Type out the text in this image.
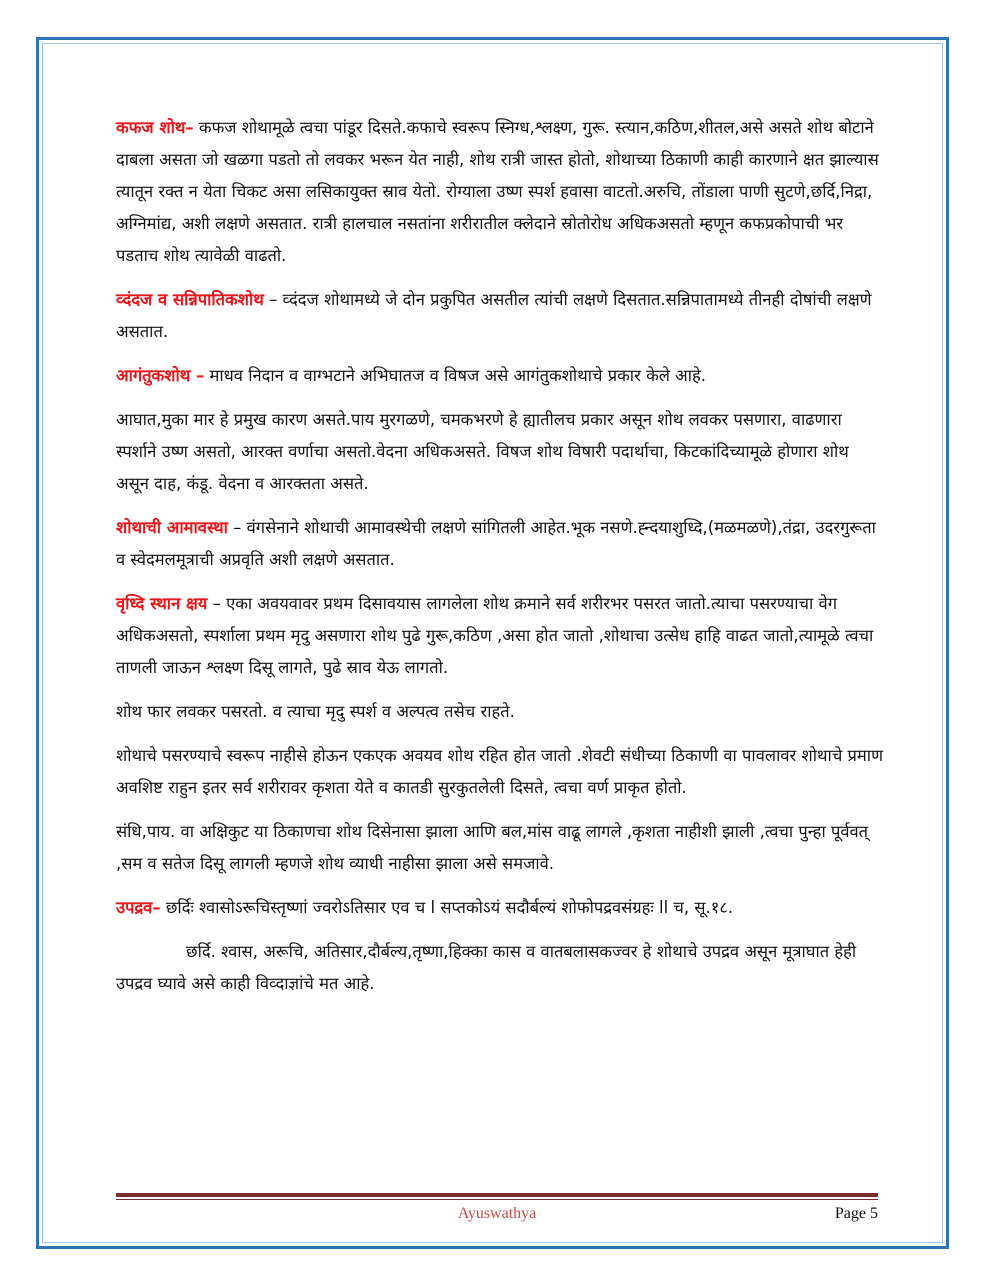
कफज शोथ– कफज शोथामूळे त्वचा पांडूर दिसते.कफाचे स्वरूप स्निग्ध,श्लक्ष्ण, गुरू. स्त्यान,कठिण,शीतल,असे असते शोथ बोटाने दाबला असता जो खळगा पडतो तो लवकर भरून येत नाही, शोथ रात्री जास्त होतो, शोथाच्या ठिकाणी काही कारणाने क्षत झाल्यास त्यातून रक्त न येता चिकट असा लसिकायुक्त स्राव येतो. रोग्याला उष्ण स्पर्श हवासा वाटतो.अरुचि, तोंडाला पाणी सुटणे,छर्दि,निद्रा, अग्निमांद्य, अशी लक्षणे असतात. रात्री हालचाल नसतांना शरीरातील क्लेदाने स्रोतोरोध अधिकअसतो म्हणून कफप्रकोपाची भर पडताच शोथ त्यावेळी वाढतो.

व्दंदज व सन्निपातिकशोथ – व्दंदज शोथामध्ये जे दोन प्रकुपित असतील त्यांची लक्षणे दिसतात.सन्निपातामध्ये तीनही दोषांची लक्षणे असतात.

आगंतुकशोथ – माधव निदान व वाग्भटाने अभिघातज व विषज असे आगंतुकशोथाचे प्रकार केले आहे.

आघात,मुका मार हे प्रमुख कारण असते.पाय मुरगळणे, चमकभरणे हे ह्यातीलच प्रकार असून शोथ लवकर पसणारा, वाढणारा स्पर्शाने उष्ण असतो, आरक्त वर्णाचा असतो.वेदना अधिकअसते. विषज शोथ विषारी पदार्थाचा, किटकांदिच्यामूळे होणारा शोथ असून दाह, कंडू. वेदना व आरक्तता असते.

शोथाची आमावस्था – वंगसेनाने शोथाची आमावस्थेची लक्षणे सांगितली आहेत.भूक नसणे.ह्न्दयाशुध्दि,(मळमळणे),तंद्रा, उदरगुरूता व स्वेदमलमूत्राची अप्रवृति अशी लक्षणे असतात.

वृध्दि स्थान क्षय – एका अवयवावर प्रथम दिसावयास लागलेला शोथ क्रमाने सर्व शरीरभर पसरत जातो.त्याचा पसरण्याचा वेग अधिकअसतो, स्पर्शाला प्रथम मृदु असणारा शोथ पुढे गुरू,कठिण ,असा होत जातो ,शोथाचा उत्सेध हाहि वाढत जातो,त्यामूळे त्वचा ताणली जाऊन श्लक्ष्ण दिसू लागते, पुढे स्राव येऊ लागतो.

शोथ फार लवकर पसरतो. व त्याचा मृदु स्पर्श व अल्पत्व तसेच राहते.

शोथाचे पसरण्याचे स्वरूप नाहीसे होऊन एकएक अवयव शोथ रहित होत जातो .शेवटी संधीच्या ठिकाणी वा पावलावर शोथाचे प्रमाण अवशिष्ट राहुन इतर सर्व शरीरावर कृशता येते व कातडी सुरकुतलेली दिसते, त्वचा वर्ण प्राकृत होतो.

संधि,पाय. वा अक्षिकुट या ठिकाणचा शोथ दिसेनासा झाला आणि बल,मांस वाढू लागले ,कृशता नाहीशी झाली ,त्वचा पुन्हा पूर्ववत् ,सम व सतेज दिसू लागली म्हणजे शोथ व्याधी नाहीसा झाला असे समजावे.

उपद्रव– छर्दिः श्वासोऽरूचिस्तृष्णां ज्वरोऽतिसार एव च l सप्तकोऽयं सदौर्बल्यं शोफोपद्रवसंग्रहः ll च, सू.१८.

छर्दि. श्वास, अरूचि, अतिसार,दौर्बल्य,तृष्णा,हिक्का कास व वातबलासकज्वर हे शोथाचे उपद्रव असून मूत्राघात हेही उपद्रव घ्यावे असे काही विव्दाज्ञांचे मत आहे.

Ayuswathya	Page 5
